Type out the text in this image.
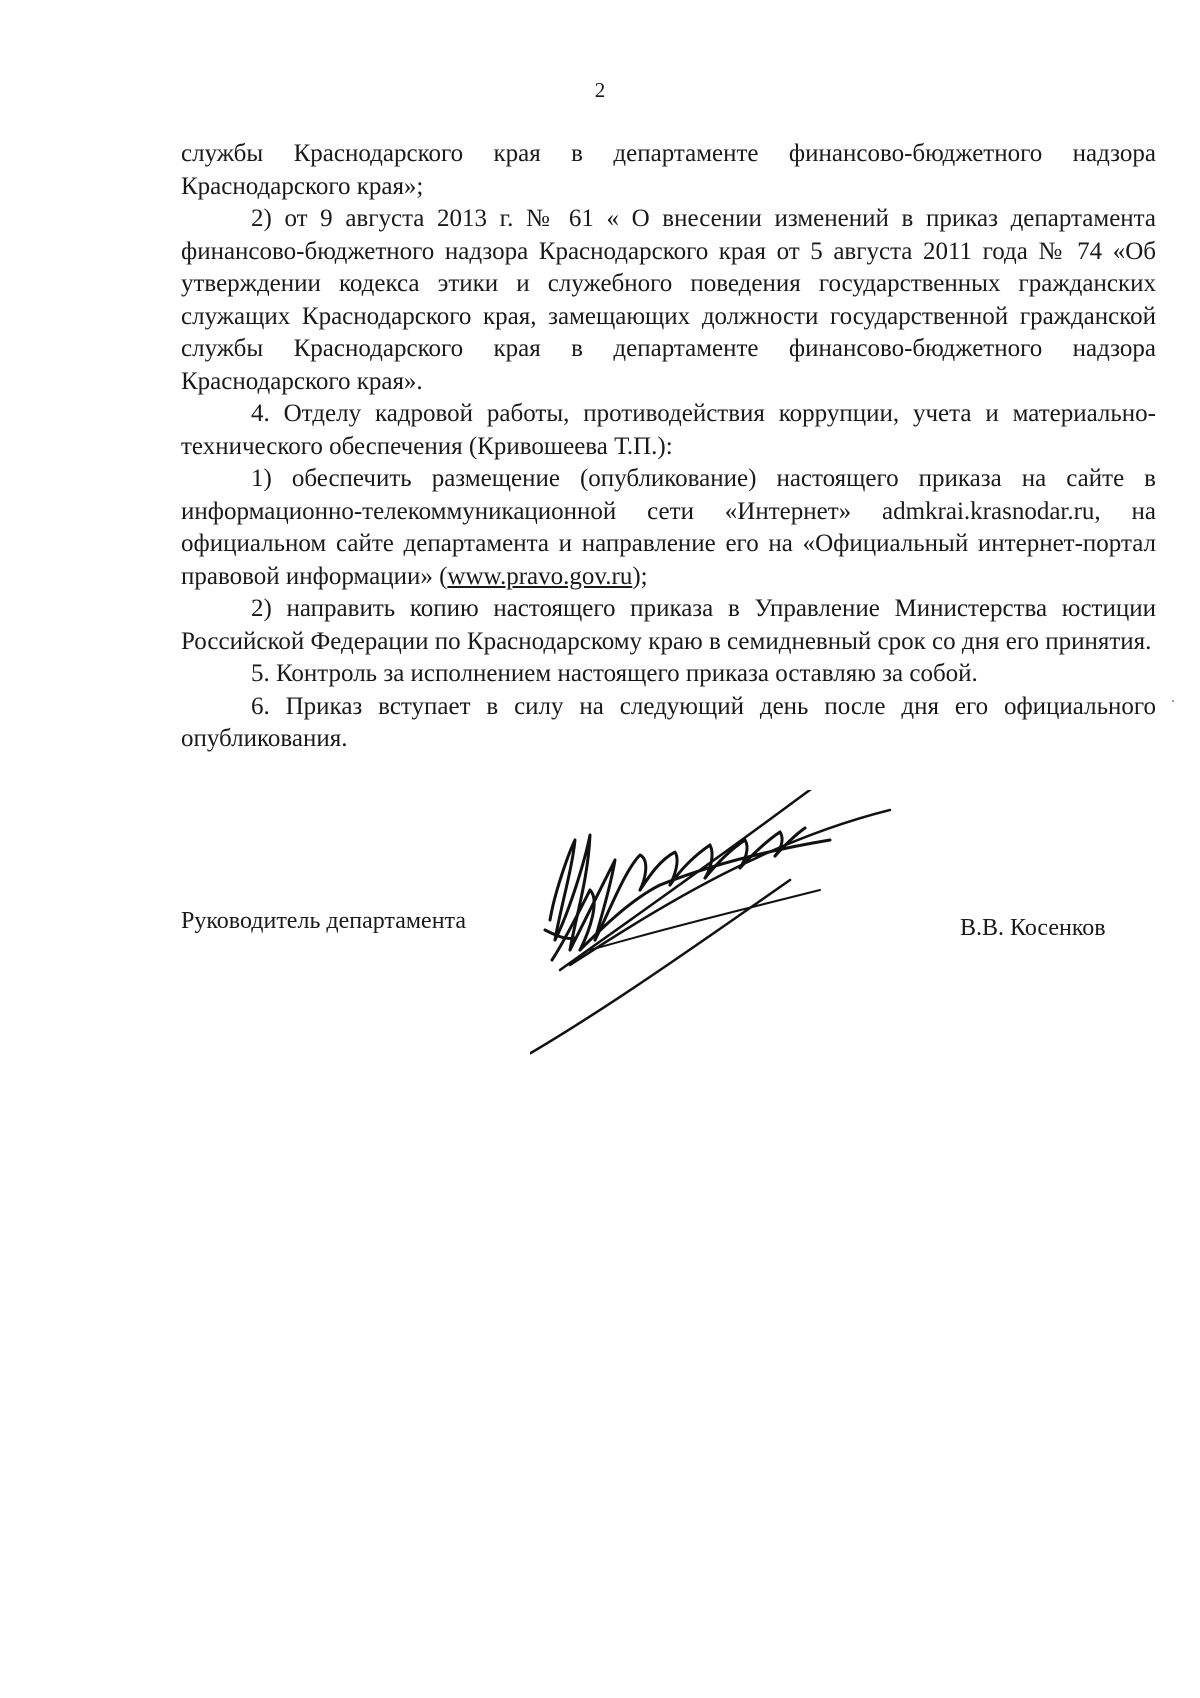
2

службы Краснодарского края в департаменте финансово-бюджетного надзора Краснодарского края»;

2) от 9 августа 2013 г. № 61 « О внесении изменений в приказ департамента финансово-бюджетного надзора Краснодарского края от 5 августа 2011 года № 74 «Об утверждении кодекса этики и служебного поведения государственных гражданских служащих Краснодарского края, замещающих должности государственной гражданской службы Краснодарского края в департаменте финансово-бюджетного надзора Краснодарского края».

4. Отделу кадровой работы, противодействия коррупции, учета и материально-технического обеспечения (Кривошеева Т.П.):

1) обеспечить размещение (опубликование) настоящего приказа на сайте в информационно-телекоммуникационной сети «Интернет» admkrai.krasnodar.ru, на официальном сайте департамента и направление его на «Официальный интернет-портал правовой информации» (www.pravo.gov.ru);

2) направить копию настоящего приказа в Управление Министерства юстиции Российской Федерации по Краснодарскому краю в семидневный срок со дня его принятия.

5. Контроль за исполнением настоящего приказа оставляю за собой.

6. Приказ вступает в силу на следующий день после дня его официального опубликования.

Руководитель департамента	В.В. Косенков
